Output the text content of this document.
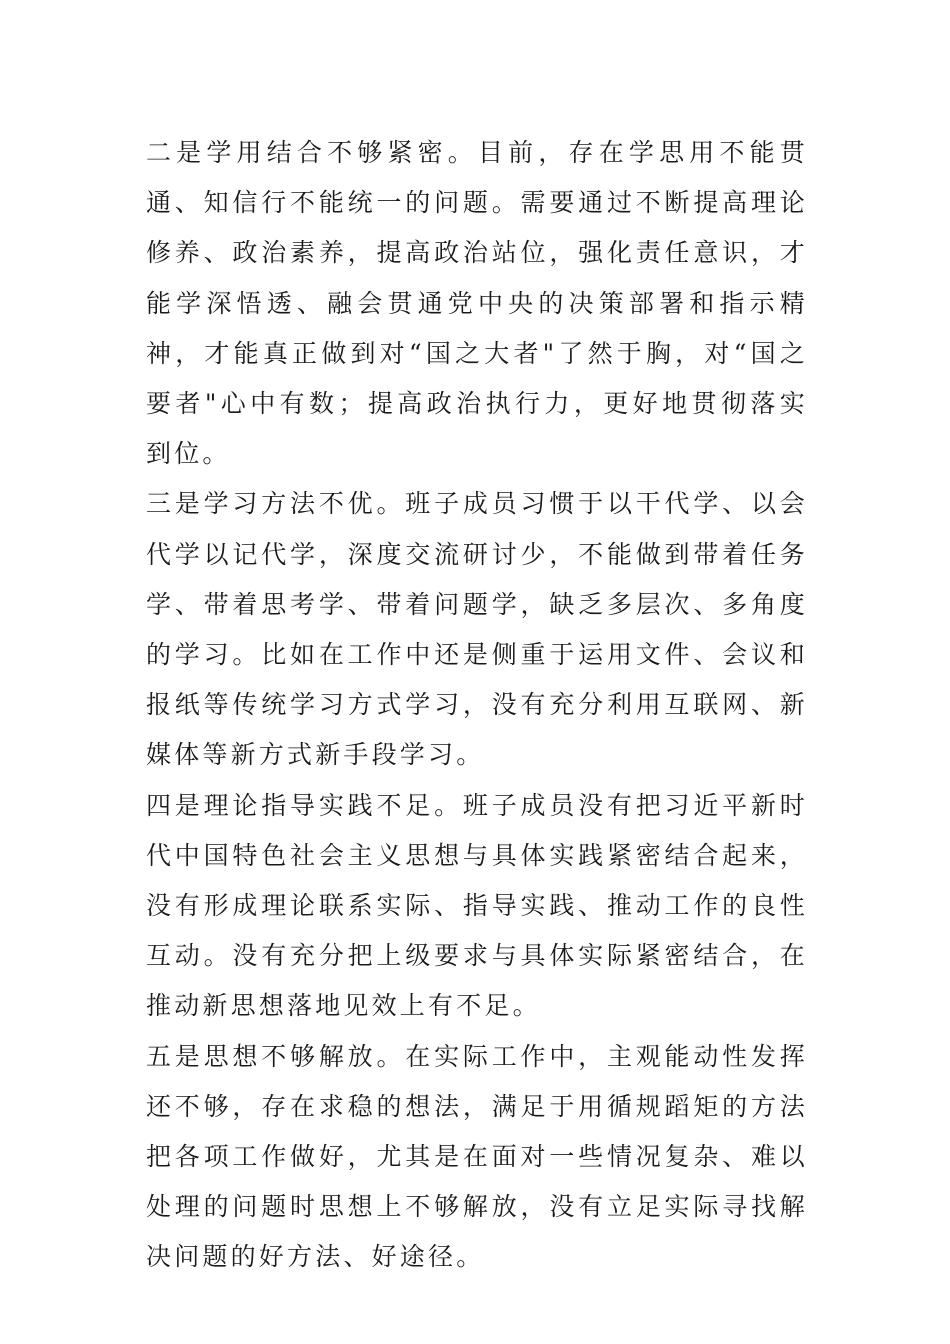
二是学用结合不够紧密。目前，存在学思用不能贯通、知信行不能统一的问题。需要通过不断提高理论修养、政治素养，提高政治站位，强化责任意识，才能学深悟透、融会贯通党中央的决策部署和指示精神，才能真正做到对“国之大者"了然于胸，对“国之要者"心中有数；提高政治执行力，更好地贯彻落实到位。

三是学习方法不优。班子成员习惯于以干代学、以会代学以记代学，深度交流研讨少，不能做到带着任务学、带着思考学、带着问题学，缺乏多层次、多角度的学习。比如在工作中还是侧重于运用文件、会议和报纸等传统学习方式学习，没有充分利用互联网、新媒体等新方式新手段学习。

四是理论指导实践不足。班子成员没有把习近平新时代中国特色社会主义思想与具体实践紧密结合起来，没有形成理论联系实际、指导实践、推动工作的良性互动。没有充分把上级要求与具体实际紧密结合，在推动新思想落地见效上有不足。

五是思想不够解放。在实际工作中，主观能动性发挥还不够，存在求稳的想法，满足于用循规蹈矩的方法把各项工作做好，尤其是在面对一些情况复杂、难以处理的问题时思想上不够解放，没有立足实际寻找解决问题的好方法、好途径。
